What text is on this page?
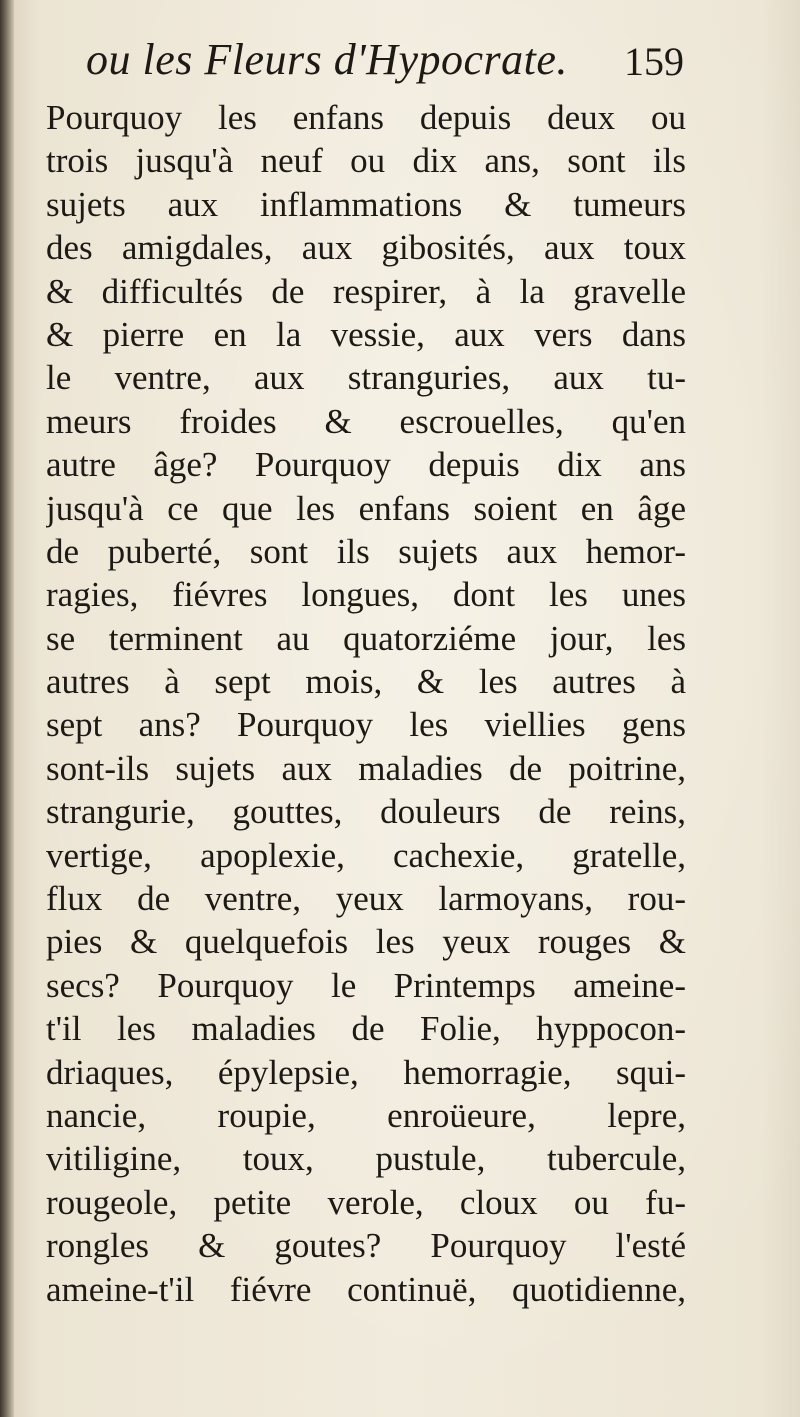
ou les Fleurs d'Hypocrate. 159
Pourquoy les enfans depuis deux ou
trois jusqu'à neuf ou dix ans, sont ils
sujets aux inflammations & tumeurs
des amigdales, aux gibosités, aux toux
& difficultés de respirer, à la gravelle
& pierre en la vessie, aux vers dans
le ventre, aux stranguries, aux tu-
meurs froides & escrouelles, qu'en
autre âge? Pourquoy depuis dix ans
jusqu'à ce que les enfans soient en âge
de puberté, sont ils sujets aux hemor-
ragies, fiévres longues, dont les unes
se terminent au quatorziéme jour, les
autres à sept mois, & les autres à
sept ans? Pourquoy les viellies gens
sont-ils sujets aux maladies de poitrine,
strangurie, gouttes, douleurs de reins,
vertige, apoplexie, cachexie, gratelle,
flux de ventre, yeux larmoyans, rou-
pies & quelquefois les yeux rouges &
secs? Pourquoy le Printemps ameine-
t'il les maladies de Folie, hyppocon-
driaques, épylepsie, hemorragie, squi-
nancie, roupie, enroüeure, lepre,
vitiligine, toux, pustule, tubercule,
rougeole, petite verole, cloux ou fu-
rongles & goutes? Pourquoy l'esté
ameine-t'il fiévre continuë, quotidienne,
